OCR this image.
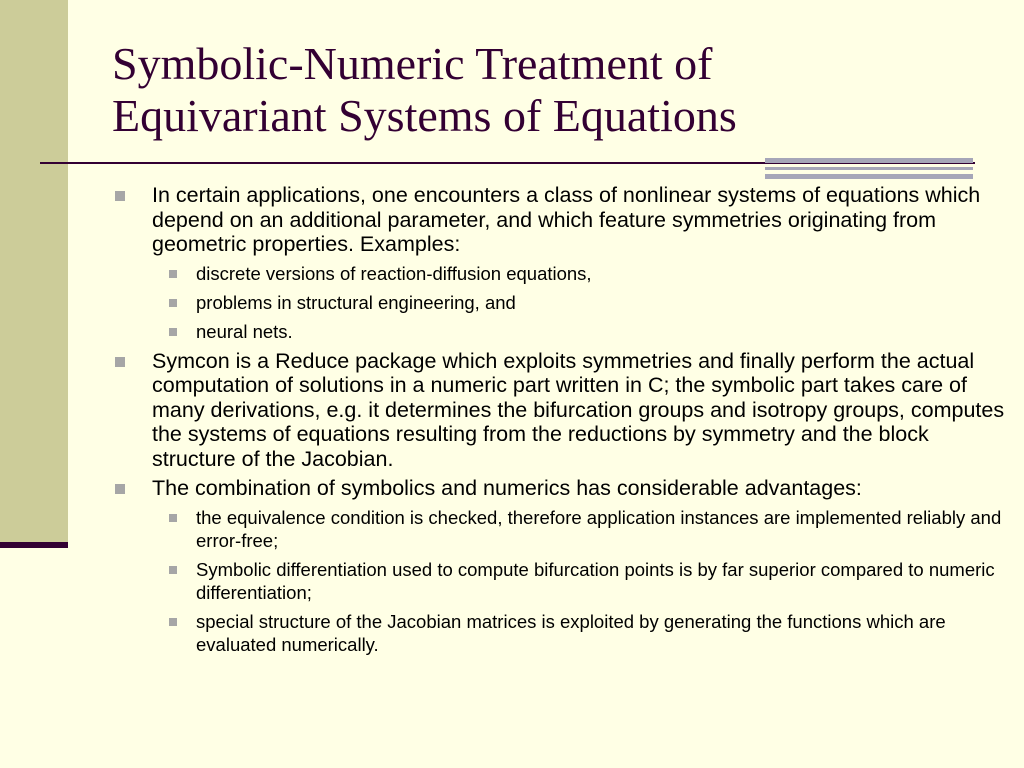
Symbolic-Numeric Treatment of
Equivariant Systems of Equations
In certain applications, one encounters a class of nonlinear systems of equations which depend on an additional parameter, and which feature symmetries originating from geometric properties. Examples:
discrete versions of reaction-diffusion equations,
problems in structural engineering, and
neural nets.
Symcon is a Reduce package which exploits symmetries and finally perform the actual computation of solutions in a numeric part written in C; the symbolic part takes care of many derivations, e.g. it determines the bifurcation groups and isotropy groups, computes the systems of equations resulting from the reductions by symmetry and the block structure of the Jacobian.
The combination of symbolics and numerics has considerable advantages:
the equivalence condition is checked, therefore application instances are implemented reliably and error-free;
Symbolic differentiation used to compute bifurcation points is by far superior compared to numeric differentiation;
special structure of the Jacobian matrices is exploited by generating the functions which are evaluated numerically.
